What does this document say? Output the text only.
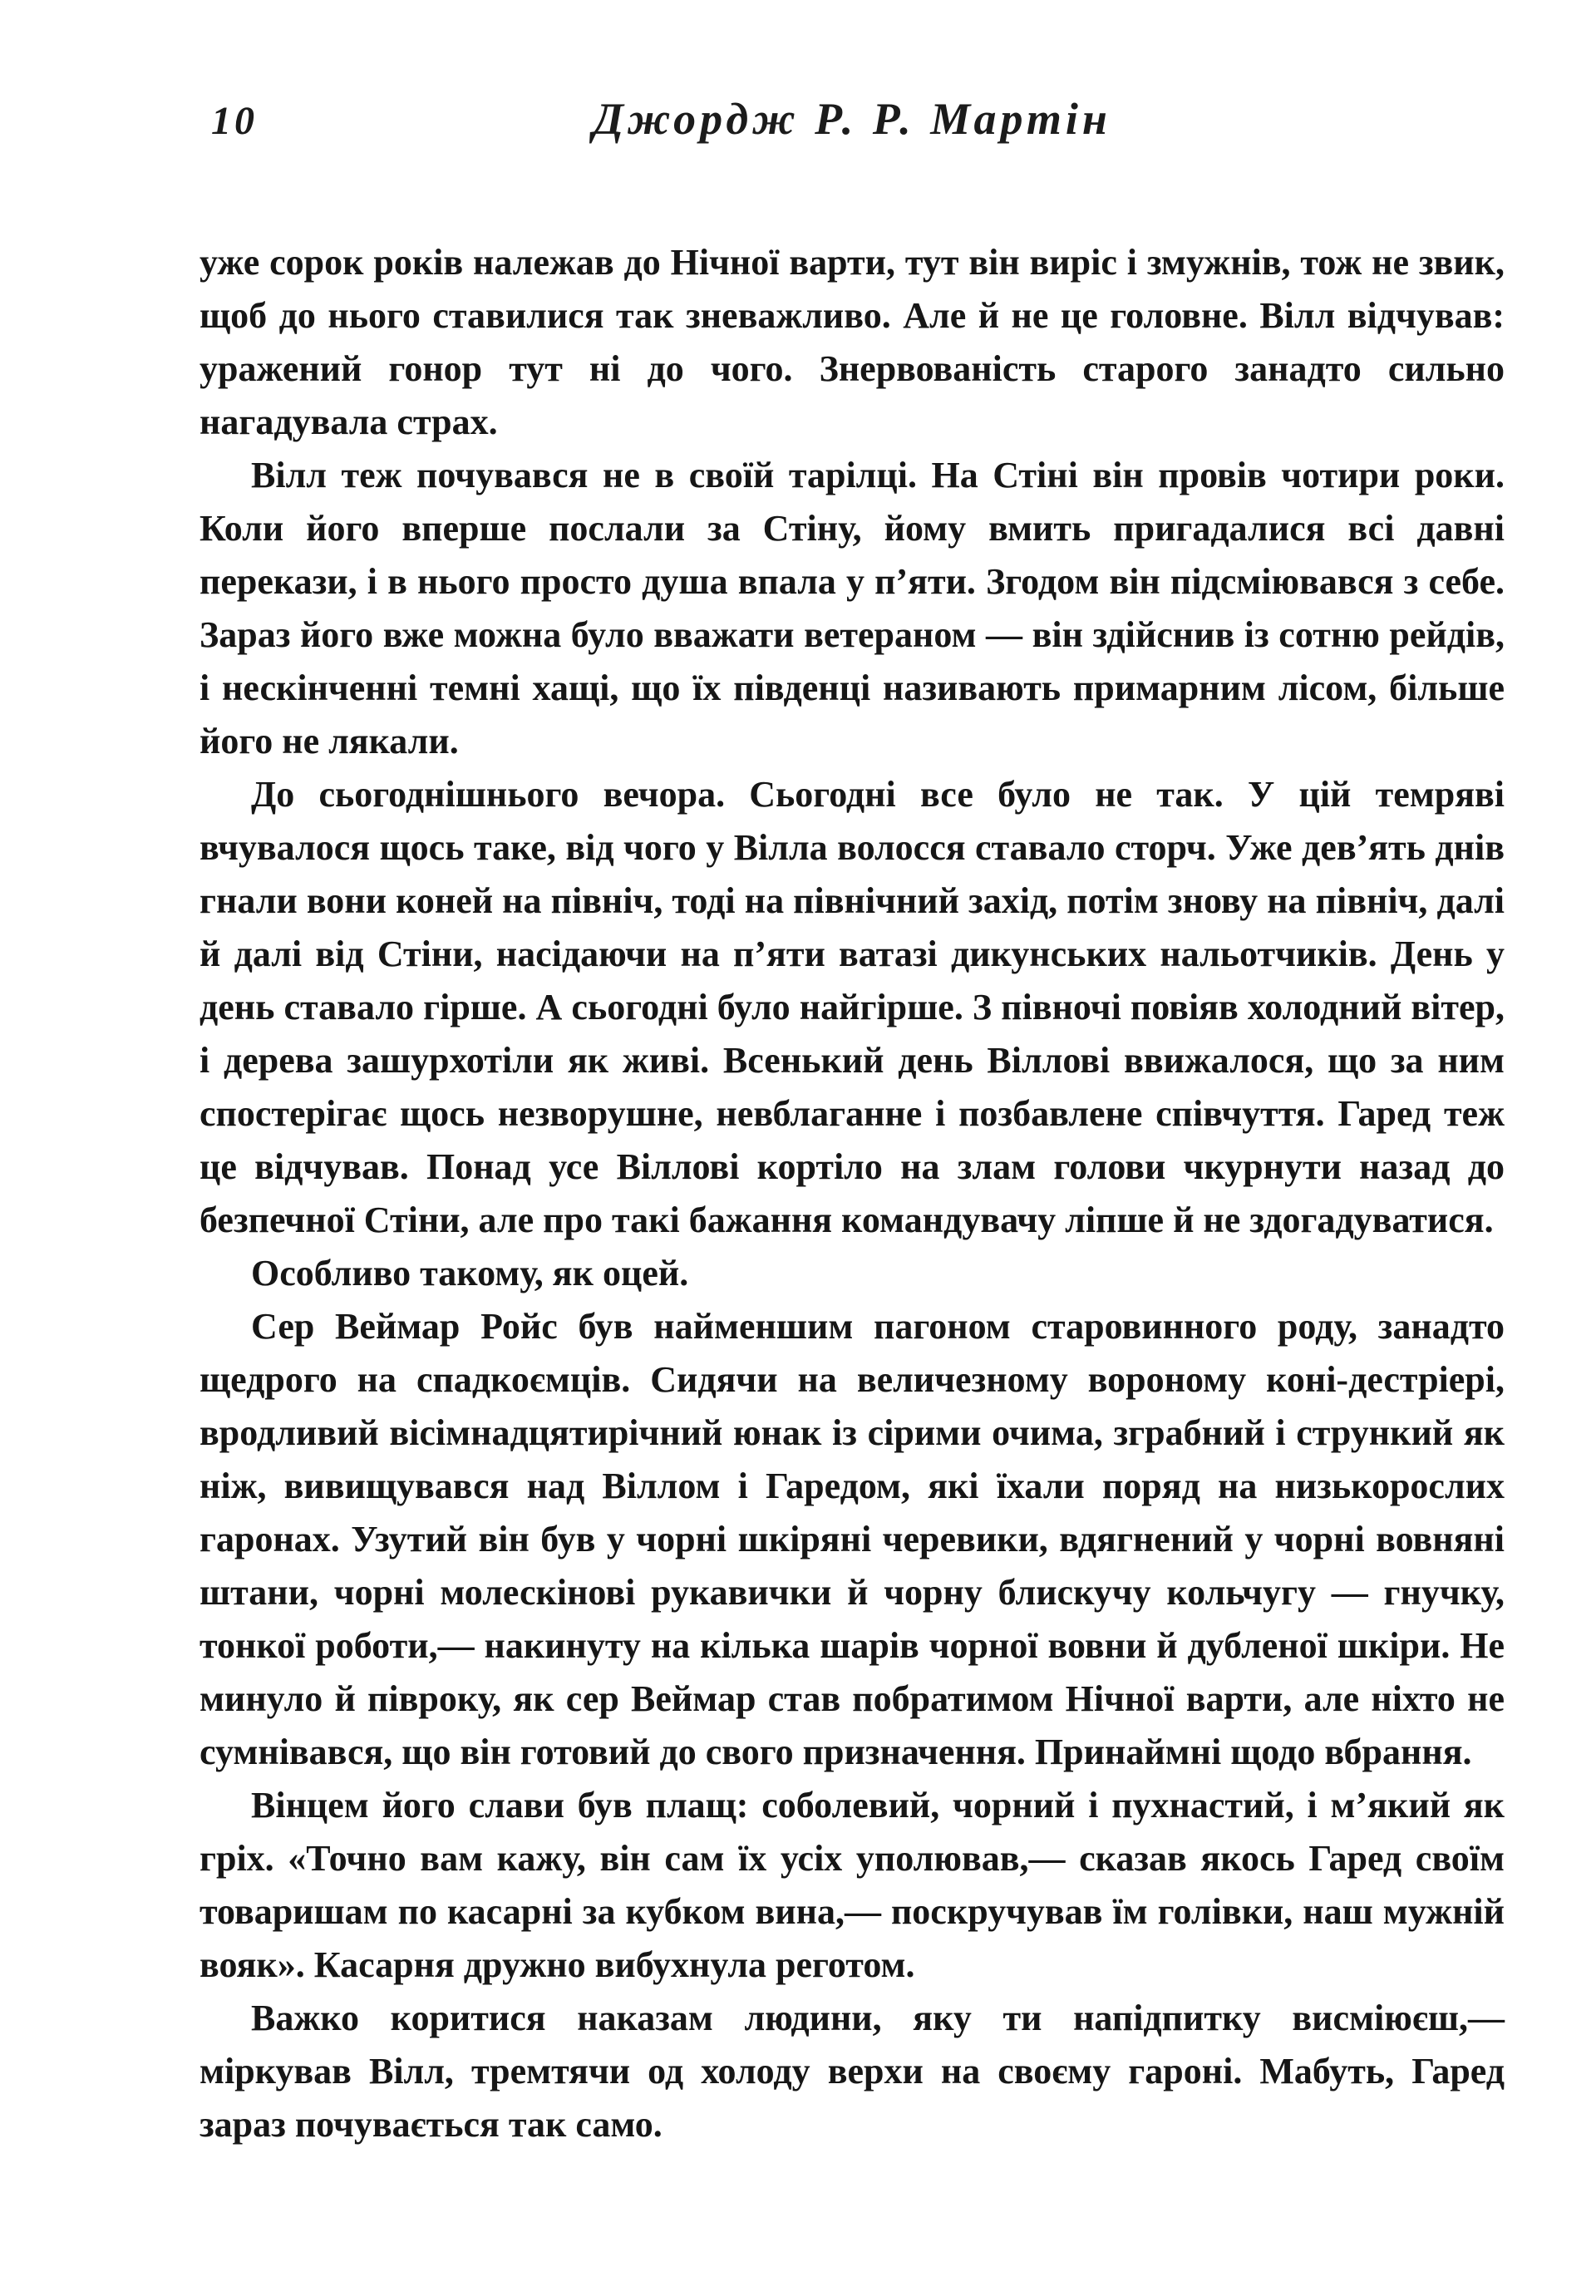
10	Джордж Р. Р. Мартін

уже сорок років належав до Нічної варти, тут він виріс і змужнів, тож не звик, щоб до нього ставилися так зневажливо. Але й не це головне. Вілл відчував: уражений гонор тут ні до чого. Знервованість старого занадто сильно нагадувала страх.

Вілл теж почувався не в своїй тарілці. На Стіні він провів чотири роки. Коли його вперше послали за Стіну, йому вмить пригадалися всі давні перекази, і в нього просто душа впала у п’яти. Згодом він підсміювався з себе. Зараз його вже можна було вважати ветераном — він здійснив із сотню рейдів, і нескінченні темні хащі, що їх південці називають примарним лісом, більше його не лякали.

До сьогоднішнього вечора. Сьогодні все було не так. У цій темряві вчувалося щось таке, від чого у Вілла волосся ставало сторч. Уже дев’ять днів гнали вони коней на північ, тоді на північний захід, потім знову на північ, далі й далі від Стіни, насідаючи на п’яти ватазі дикунських нальотчиків. День у день ставало гірше. А сьогодні було найгірше. З півночі повіяв холодний вітер, і дерева зашурхотіли як живі. Всенький день Віллові ввижалося, що за ним спостерігає щось незворушне, невблаганне і позбавлене співчуття. Гаред теж це відчував. Понад усе Віллові кортіло на злам голови чкурнути назад до безпечної Стіни, але про такі бажання командувачу ліпше й не здогадуватися.

Особливо такому, як оцей.

Сер Веймар Ройс був найменшим пагоном старовинного роду, занадто щедрого на спадкоємців. Сидячи на величезному вороному коні-дестріері, вродливий вісімнадцятирічний юнак із сірими очима, зграбний і стрункий як ніж, вивищувався над Віллом і Гаредом, які їхали поряд на низькорослих гаронах. Узутий він був у чорні шкіряні черевики, вдягнений у чорні вовняні штани, чорні молескінові рукавички й чорну блискучу кольчугу — гнучку, тонкої роботи,— накинуту на кілька шарів чорної вовни й дубленої шкіри. Не минуло й півроку, як сер Веймар став побратимом Нічної варти, але ніхто не сумнівався, що він готовий до свого призначення. Принаймні щодо вбрання.

Вінцем його слави був плащ: соболевий, чорний і пухнастий, і м’який як гріх. «Точно вам кажу, він сам їх усіх уполював,— сказав якось Гаред своїм товаришам по касарні за кубком вина,— поскручував їм голівки, наш мужній вояк». Касарня дружно вибухнула реготом.

Важко коритися наказам людини, яку ти напідпитку висміюєш,— міркував Вілл, тремтячи од холоду верхи на своєму гароні. Мабуть, Гаред зараз почувається так само.
